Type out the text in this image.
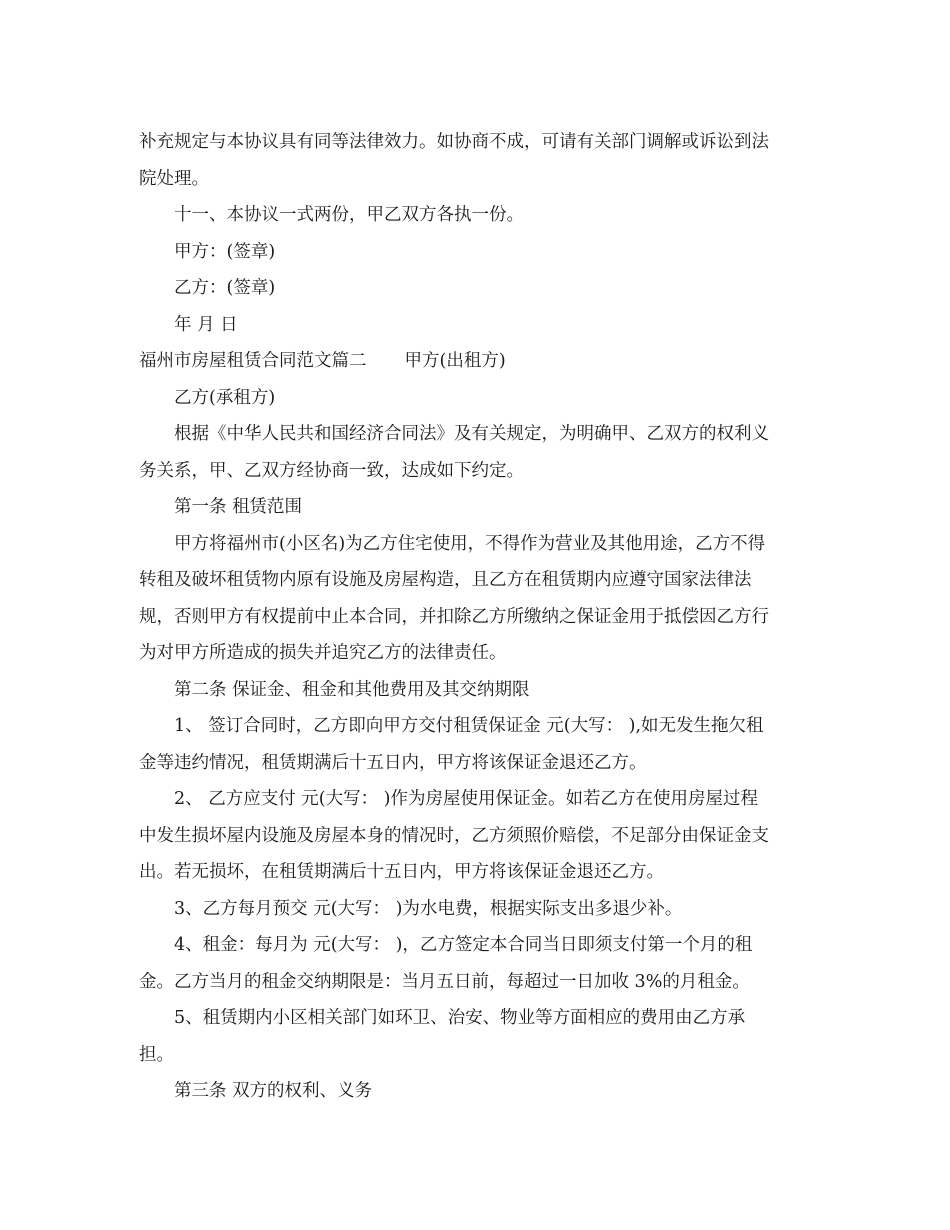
补充规定与本协议具有同等法律效力。如协商不成，可请有关部门调解或诉讼到法
院处理。
十一、本协议一式两份，甲乙双方各执一份。
甲方：(签章)
乙方：(签章)
年 月 日
福州市房屋租赁合同范文篇二 甲方(出租方)
乙方(承租方)
根据《中华人民共和国经济合同法》及有关规定，为明确甲、乙双方的权利义
务关系，甲、乙双方经协商一致，达成如下约定。
第一条 租赁范围
甲方将福州市(小区名)为乙方住宅使用，不得作为营业及其他用途，乙方不得
转租及破坏租赁物内原有设施及房屋构造，且乙方在租赁期内应遵守国家法律法
规，否则甲方有权提前中止本合同，并扣除乙方所缴纳之保证金用于抵偿因乙方行
为对甲方所造成的损失并追究乙方的法律责任。
第二条 保证金、租金和其他费用及其交纳期限
1、 签订合同时，乙方即向甲方交付租赁保证金 元(大写： ),如无发生拖欠租
金等违约情况，租赁期满后十五日内，甲方将该保证金退还乙方。
2、 乙方应支付 元(大写： )作为房屋使用保证金。如若乙方在使用房屋过程
中发生损坏屋内设施及房屋本身的情况时，乙方须照价赔偿，不足部分由保证金支
出。若无损坏，在租赁期满后十五日内，甲方将该保证金退还乙方。
3、乙方每月预交 元(大写： )为水电费，根据实际支出多退少补。
4、租金：每月为 元(大写： )，乙方签定本合同当日即须支付第一个月的租
金。乙方当月的租金交纳期限是：当月五日前，每超过一日加收 3%的月租金。
5、租赁期内小区相关部门如环卫、治安、物业等方面相应的费用由乙方承
担。
第三条 双方的权利、义务
